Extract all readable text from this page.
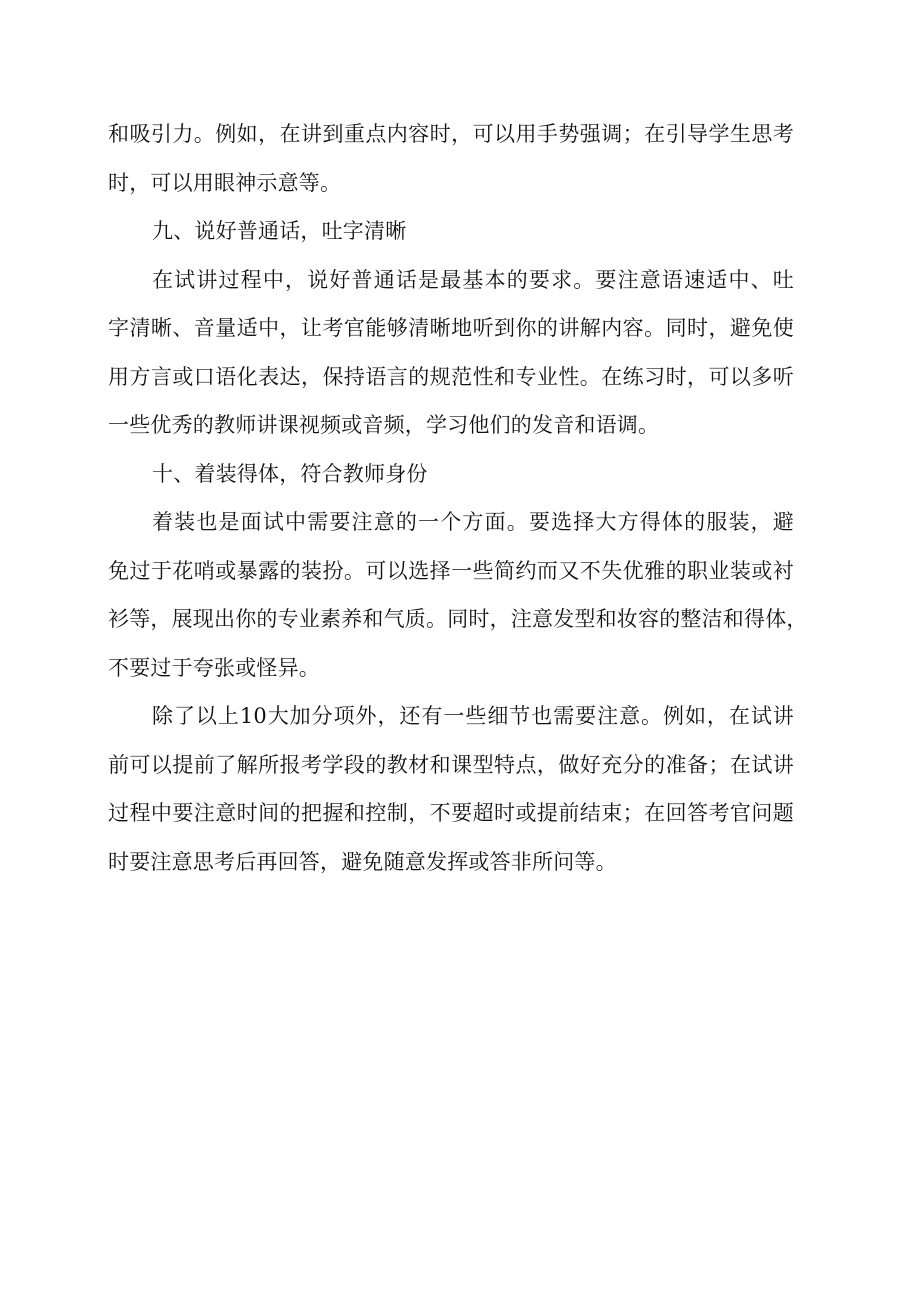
和吸引力。例如，在讲到重点内容时，可以用手势强调；在引导学生思考
时，可以用眼神示意等。
九、说好普通话，吐字清晰
在试讲过程中，说好普通话是最基本的要求。要注意语速适中、吐
字清晰、音量适中，让考官能够清晰地听到你的讲解内容。同时，避免使
用方言或口语化表达，保持语言的规范性和专业性。在练习时，可以多听
一些优秀的教师讲课视频或音频，学习他们的发音和语调。
十、着装得体，符合教师身份
着装也是面试中需要注意的一个方面。要选择大方得体的服装，避
免过于花哨或暴露的装扮。可以选择一些简约而又不失优雅的职业装或衬
衫等，展现出你的专业素养和气质。同时，注意发型和妆容的整洁和得体，
不要过于夸张或怪异。
除了以上10大加分项外，还有一些细节也需要注意。例如，在试讲
前可以提前了解所报考学段的教材和课型特点，做好充分的准备；在试讲
过程中要注意时间的把握和控制，不要超时或提前结束；在回答考官问题
时要注意思考后再回答，避免随意发挥或答非所问等。
